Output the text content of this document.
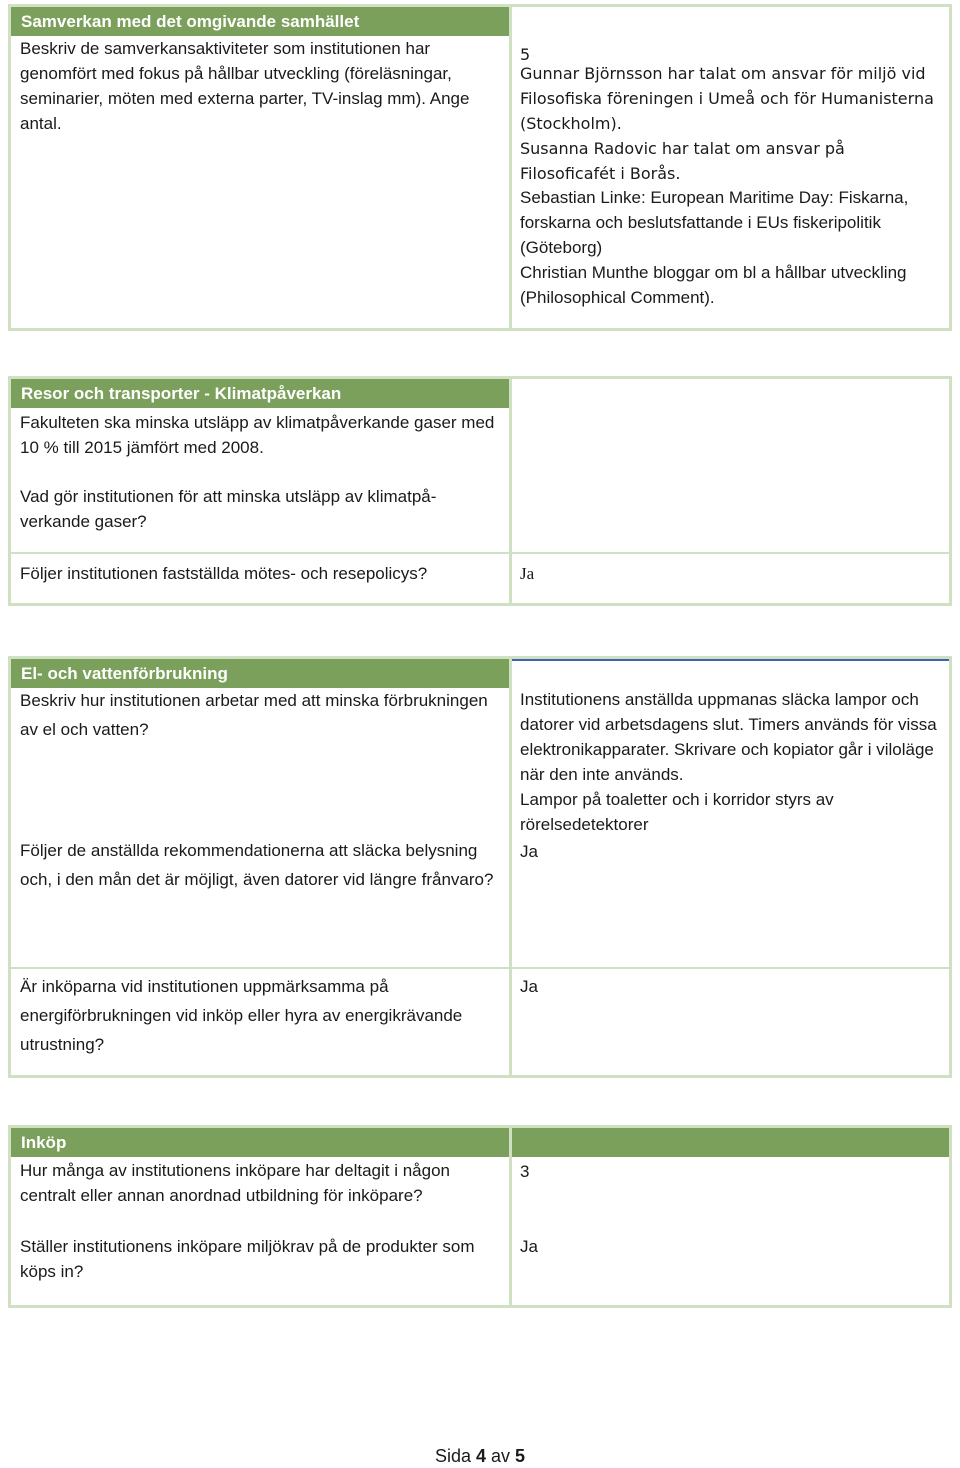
Samverkan med det omgivande samhället
Beskriv de samverkansaktiviteter som institutionen har genomfört med fokus på hållbar utveckling (föreläsningar, seminarier, möten med externa parter, TV-inslag mm). Ange antal.
5
Gunnar Björnsson har talat om ansvar för miljö vid Filosofiska föreningen i Umeå och för Humanisterna (Stockholm).
Susanna Radovic har talat om ansvar på Filosoficafét i Borås.
Sebastian Linke: European Maritime Day: Fiskarna, forskarna och beslutsfattande i EUs fiskeripolitik (Göteborg)
Christian Munthe bloggar om bl a hållbar utveckling (Philosophical Comment).
Resor och transporter - Klimatpåverkan
Fakulteten ska minska utsläpp av klimatpåverkande gaser med 10 % till 2015 jämfört med 2008.
Vad gör institutionen för att minska utsläpp av klimatpå-verkande gaser?
Följer institutionen fastställda mötes- och resepolicys?	Ja
El- och vattenförbrukning
Beskriv hur institutionen arbetar med att minska förbrukningen av el och vatten?
Institutionens anställda uppmanas släcka lampor och datorer vid arbetsdagens slut. Timers används för vissa elektronikapparater. Skrivare och kopiator går i viloläge när den inte används.
Lampor på toaletter och i korridor styrs av rörelsedetektorer
Följer de anställda rekommendationerna att släcka belysning och, i den mån det är möjligt, även datorer vid längre frånvaro?
Ja
Är inköparna vid institutionen uppmärksamma på energiförbrukningen vid inköp eller hyra av energikrävande utrustning?
Ja
Inköp
Hur många av institutionens inköpare har deltagit i någon centralt eller annan anordnad utbildning för inköpare?
3
Ställer institutionens inköpare miljökrav på de produkter som köps in?
Ja
Sida 4 av 5
